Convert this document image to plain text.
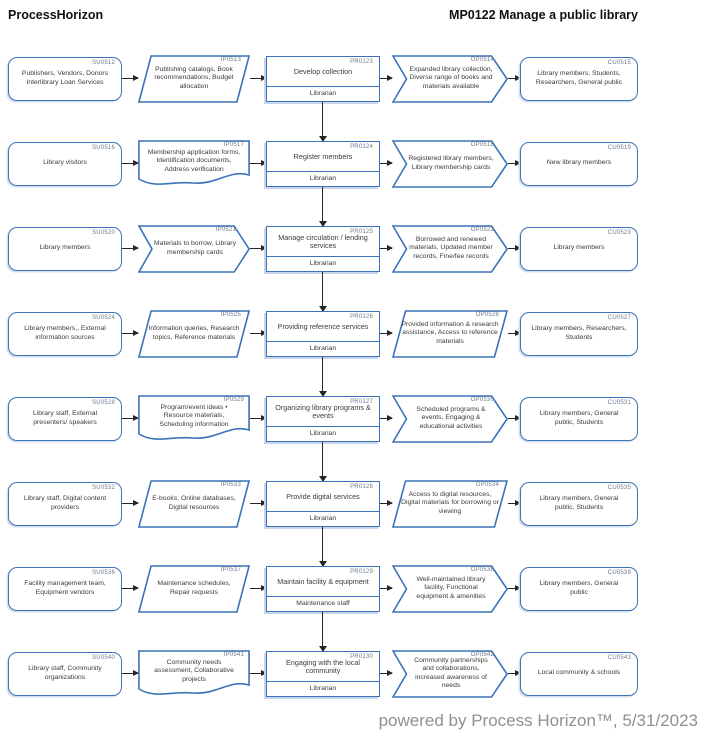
ProcessHorizon	MP0122 Manage a public library
SU0512
Publishers, Vendors, Donors Interlibrary Loan Services
IP0513
Publishing catalogs, Book recommendations, Budget allocation
PR0123
Develop collection
Librarian
OP0514
Expanded library collection, Diverse range of books and materials available
CU0515
Library members, Students, Researchers, General public
SU0516
Library visitors
IP0517
Membership application forms, Identification documents, Address verification
PR0124
Register members
Librarian
OP0518
Registered library members, Library membership cards
CU0519
New library members
SU0520
Library members
IP0521
Materials to borrow, Library membership cards
PR0125
Manage circulation / lending services
Librarian
OP0522
Borrowed and renewed materials, Updated member records, Fine/fee records
CU0523
Library members
SU0524
Library members,, External information sources
IP0525
Information queries, Research topics, Reference materials
PR0126
Providing reference services
Librarian
OP0526
Provided information & research assistance, Access to reference materials
CU0527
Library members, Researchers, Students
SU0528
Library staff, External presenters/ speakers
IP0529
Program/event ideas • Resource materials, Scheduling information
PR0127
Organizing library programs & events
Librarian
OP0530
Scheduled programs & events, Engaging & educational activities
CU0531
Library members, General public, Students
SU0532
Library staff, Digital content providers
IP0533
E-books, Online databases, Digital resources
PR0128
Provide digital services
Librarian
OP0534
Access to digital resources, Digital materials for borrowing or viewing
CU0535
Library members, General public, Students
SU0536
Facility management team, Equipment vendors
IP0537
Maintenance schedules, Repair requests
PR0129
Maintain facility & equipment
Maintenance staff
OP0538
Well-maintained library facility, Functional equipment & amenities
CU0539
Library members, General public
SU0540
Library staff, Community organizations
IP0541
Community needs assessment, Collaborative projects
PR0130
Engaging with the local community
Librarian
OP0542
Community partnerships and collaborations, increased awareness of needs
CU0543
Local community & schools
powered by Process Horizon™, 5/31/2023
